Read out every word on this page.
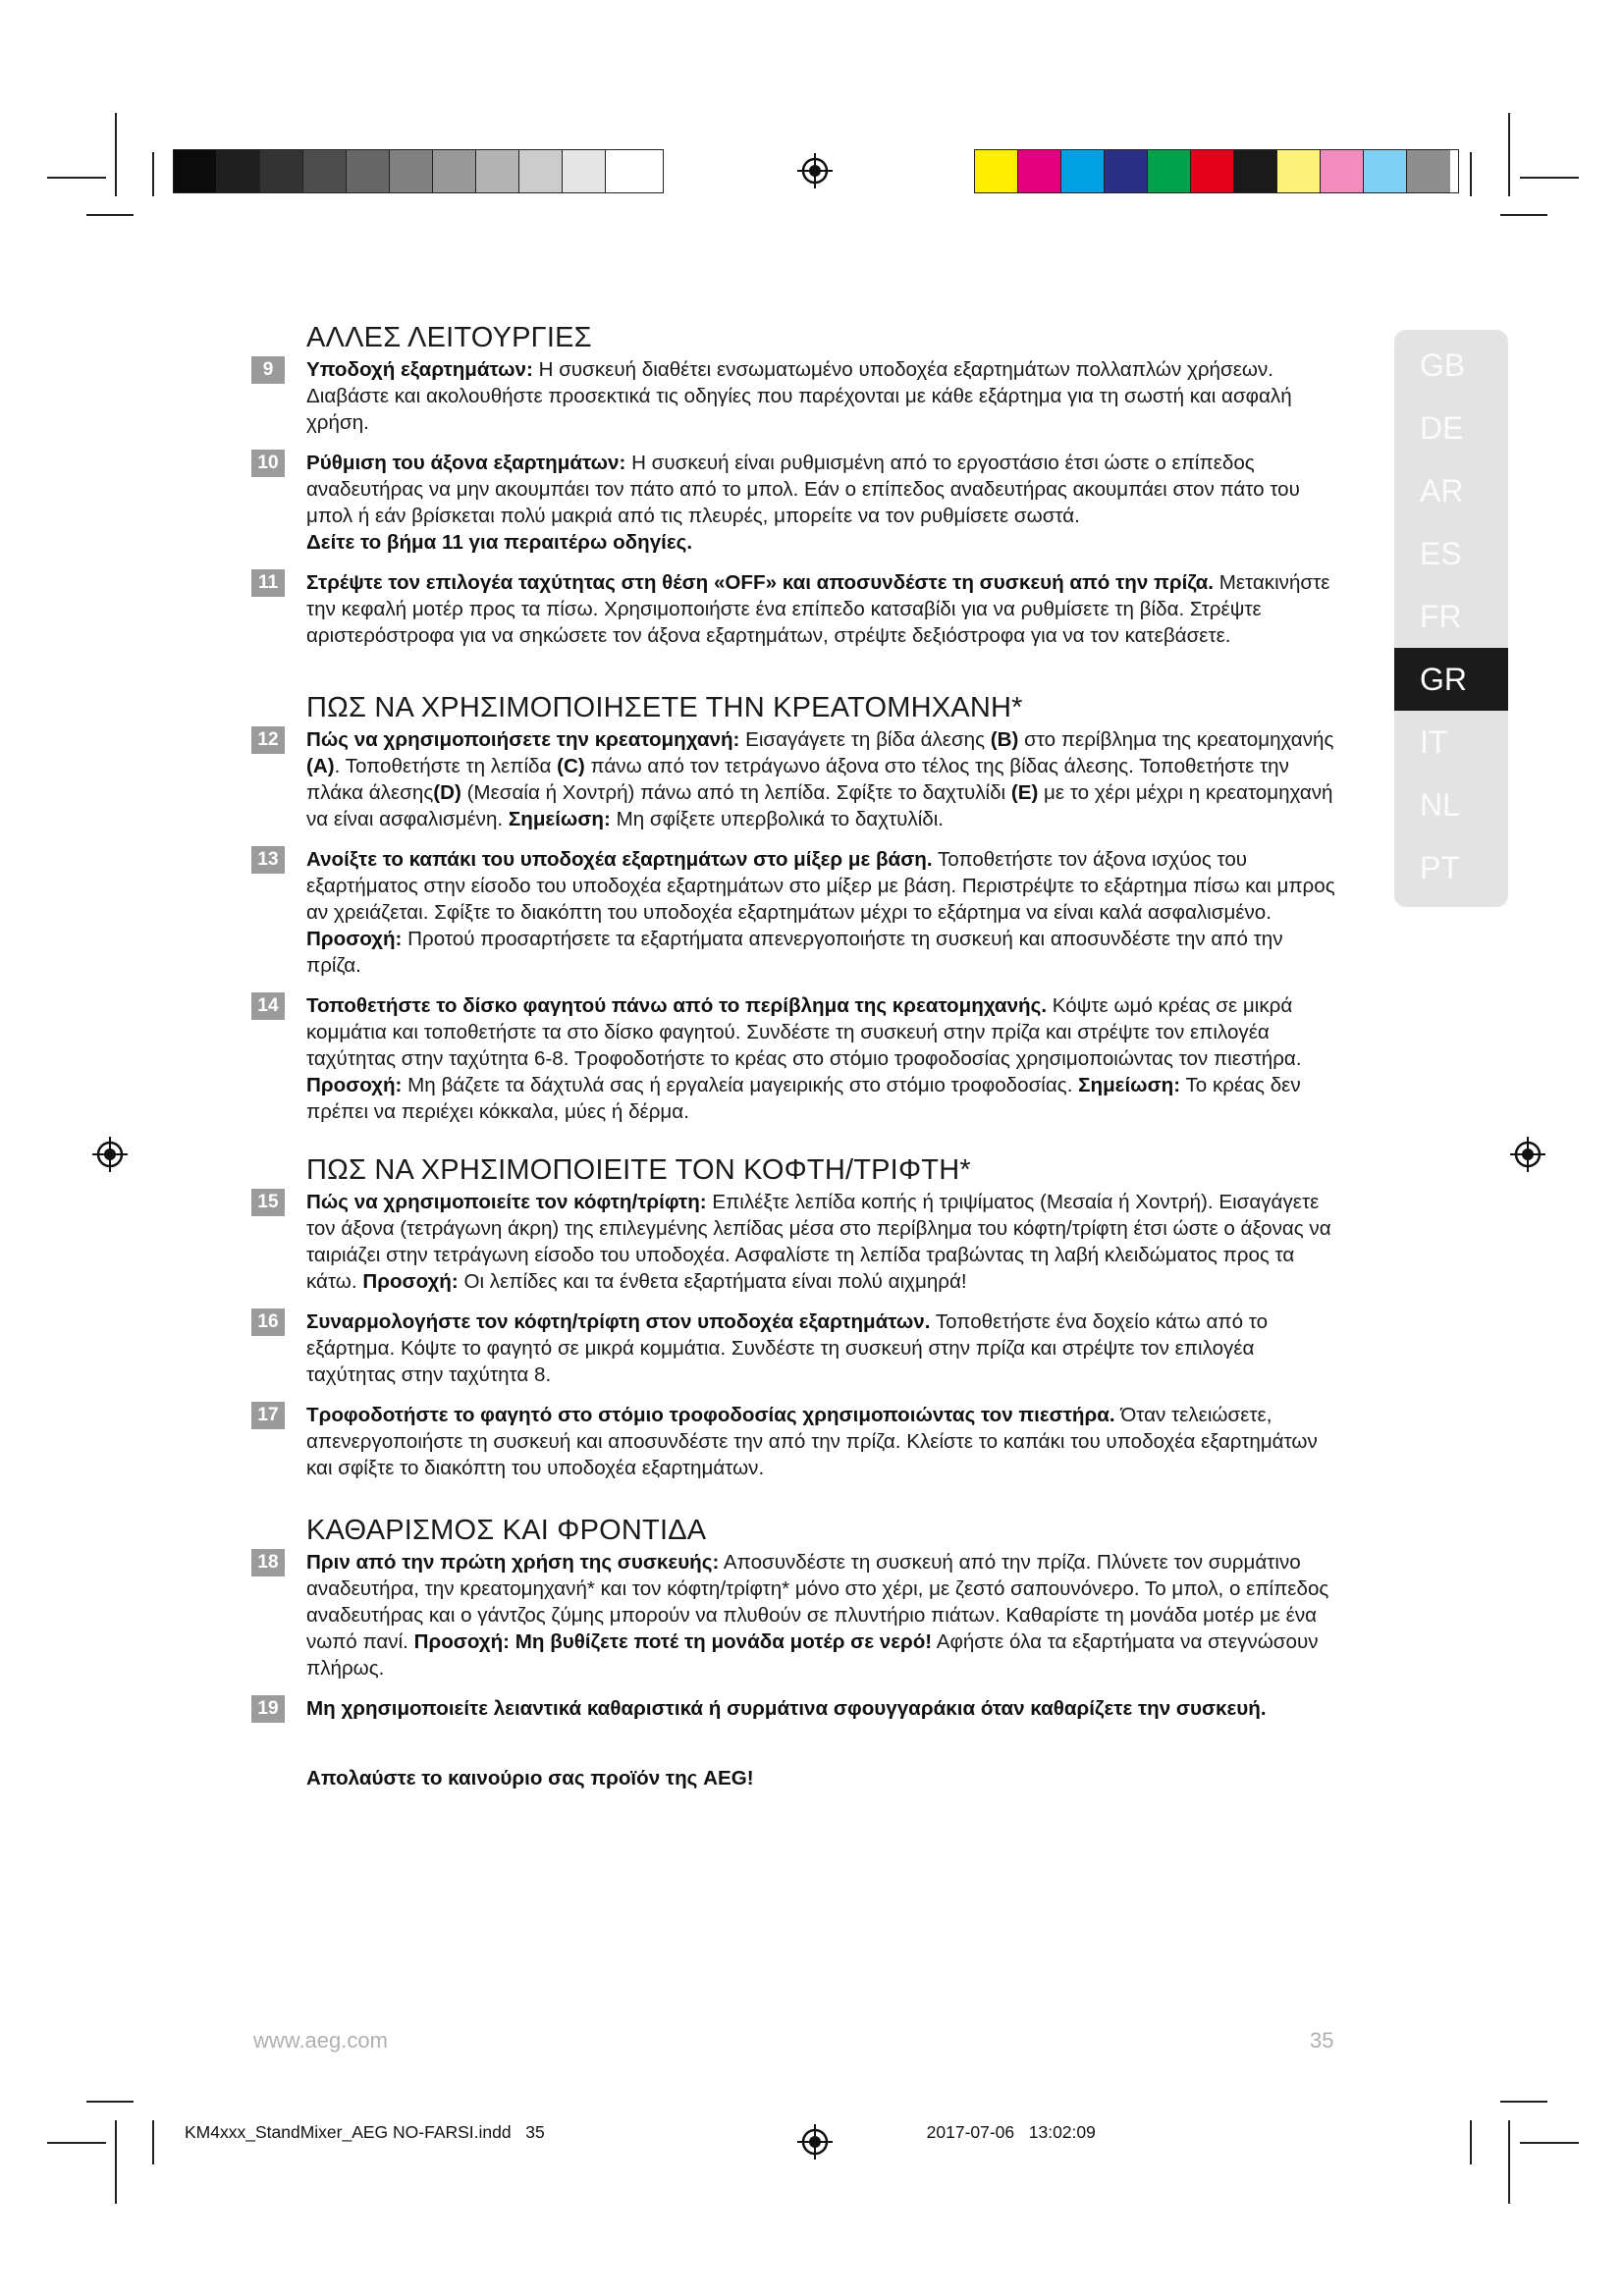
GB
DE
AR
ES
FR
GR
IT
NL
PT
ΑΛΛΕΣ ΛΕΙΤΟΥΡΓΙΕΣ
9	Υποδοχή εξαρτημάτων: Η συσκευή διαθέτει ενσωματωμένο υποδοχέα εξαρτημάτων πολλαπλών χρήσεων. Διαβάστε και ακολουθήστε προσεκτικά τις οδηγίες που παρέχονται με κάθε εξάρτημα για τη σωστή και ασφαλή χρήση.

10	Ρύθμιση του άξονα εξαρτημάτων: Η συσκευή είναι ρυθμισμένη από το εργοστάσιο έτσι ώστε ο επίπεδος αναδευτήρας να μην ακουμπάει τον πάτο από το μπολ. Εάν ο επίπεδος αναδευτήρας ακουμπάει στον πάτο του μπολ ή εάν βρίσκεται πολύ μακριά από τις πλευρές, μπορείτε να τον ρυθμίσετε σωστά.
Δείτε το βήμα 11 για περαιτέρω οδηγίες.

11	Στρέψτε τον επιλογέα ταχύτητας στη θέση «OFF» και αποσυνδέστε τη συσκευή από την πρίζα. Μετακινήστε την κεφαλή μοτέρ προς τα πίσω. Χρησιμοποιήστε ένα επίπεδο κατσαβίδι για να ρυθμίσετε τη βίδα. Στρέψτε αριστερόστροφα για να σηκώσετε τον άξονα εξαρτημάτων, στρέψτε δεξιόστροφα για να τον κατεβάσετε.

ΠΩΣ ΝΑ ΧΡΗΣΙΜΟΠΟΙΗΣΕΤΕ ΤΗΝ ΚΡΕΑΤΟΜΗΧΑΝΗ*
12	Πώς να χρησιμοποιήσετε την κρεατομηχανή: Εισαγάγετε τη βίδα άλεσης (B) στο περίβλημα της κρεατομηχανής (A). Τοποθετήστε τη λεπίδα (C) πάνω από τον τετράγωνο άξονα στο τέλος της βίδας άλεσης. Τοποθετήστε την πλάκα άλεσης(D) (Μεσαία ή Χοντρή) πάνω από τη λεπίδα. Σφίξτε το δαχτυλίδι (E) με το χέρι μέχρι η κρεατομηχανή να είναι ασφαλισμένη. Σημείωση: Μη σφίξετε υπερβολικά το δαχτυλίδι.

13	Ανοίξτε το καπάκι του υποδοχέα εξαρτημάτων στο μίξερ με βάση. Τοποθετήστε τον άξονα ισχύος του εξαρτήματος στην είσοδο του υποδοχέα εξαρτημάτων στο μίξερ με βάση. Περιστρέψτε το εξάρτημα πίσω και μπρος αν χρειάζεται. Σφίξτε το διακόπτη του υποδοχέα εξαρτημάτων μέχρι το εξάρτημα να είναι καλά ασφαλισμένο. Προσοχή: Προτού προσαρτήσετε τα εξαρτήματα απενεργοποιήστε τη συσκευή και αποσυνδέστε την από την πρίζα.

14	Τοποθετήστε το δίσκο φαγητού πάνω από το περίβλημα της κρεατομηχανής. Κόψτε ωμό κρέας σε μικρά κομμάτια και τοποθετήστε τα στο δίσκο φαγητού. Συνδέστε τη συσκευή στην πρίζα και στρέψτε τον επιλογέα ταχύτητας στην ταχύτητα 6-8. Τροφοδοτήστε το κρέας στο στόμιο τροφοδοσίας χρησιμοποιώντας τον πιεστήρα. Προσοχή: Μη βάζετε τα δάχτυλά σας ή εργαλεία μαγειρικής στο στόμιο τροφοδοσίας. Σημείωση: Το κρέας δεν πρέπει να περιέχει κόκκαλα, μύες ή δέρμα.

ΠΩΣ ΝΑ ΧΡΗΣΙΜΟΠΟΙΕΙΤΕ ΤΟΝ ΚΟΦΤΗ/ΤΡΙΦΤΗ*
15	Πώς να χρησιμοποιείτε τον κόφτη/τρίφτη: Επιλέξτε λεπίδα κοπής ή τριψίματος (Μεσαία ή Χοντρή). Εισαγάγετε τον άξονα (τετράγωνη άκρη) της επιλεγμένης λεπίδας μέσα στο περίβλημα του κόφτη/τρίφτη έτσι ώστε ο άξονας να ταιριάζει στην τετράγωνη είσοδο του υποδοχέα. Ασφαλίστε τη λεπίδα τραβώντας τη λαβή κλειδώματος προς τα κάτω. Προσοχή: Οι λεπίδες και τα ένθετα εξαρτήματα είναι πολύ αιχμηρά!

16	Συναρμολογήστε τον κόφτη/τρίφτη στον υποδοχέα εξαρτημάτων. Τοποθετήστε ένα δοχείο κάτω από το εξάρτημα. Κόψτε το φαγητό σε μικρά κομμάτια. Συνδέστε τη συσκευή στην πρίζα και στρέψτε τον επιλογέα ταχύτητας στην ταχύτητα 8.

17	Τροφοδοτήστε το φαγητό στο στόμιο τροφοδοσίας χρησιμοποιώντας τον πιεστήρα. Όταν τελειώσετε, απενεργοποιήστε τη συσκευή και αποσυνδέστε την από την πρίζα. Κλείστε το καπάκι του υποδοχέα εξαρτημάτων και σφίξτε το διακόπτη του υποδοχέα εξαρτημάτων.

ΚΑΘΑΡΙΣΜΟΣ ΚΑΙ ΦΡΟΝΤΙΔΑ
18	Πριν από την πρώτη χρήση της συσκευής: Αποσυνδέστε τη συσκευή από την πρίζα. Πλύνετε τον συρμάτινο αναδευτήρα, την κρεατομηχανή* και τον κόφτη/τρίφτη* μόνο στο χέρι, με ζεστό σαπουνόνερο. Το μπολ, ο επίπεδος αναδευτήρας και ο γάντζος ζύμης μπορούν να πλυθούν σε πλυντήριο πιάτων. Καθαρίστε τη μονάδα μοτέρ με ένα νωπό πανί. Προσοχή: Μη βυθίζετε ποτέ τη μονάδα μοτέρ σε νερό! Αφήστε όλα τα εξαρτήματα να στεγνώσουν πλήρως.

19	Μη χρησιμοποιείτε λειαντικά καθαριστικά ή συρμάτινα σφουγγαράκια όταν καθαρίζετε την συσκευή.

Απολαύστε το καινούριο σας προϊόν της AEG!

www.aeg.com	35
KM4xxx_StandMixer_AEG NO-FARSI.indd   35                                                                                2017-07-06   13:02:09
